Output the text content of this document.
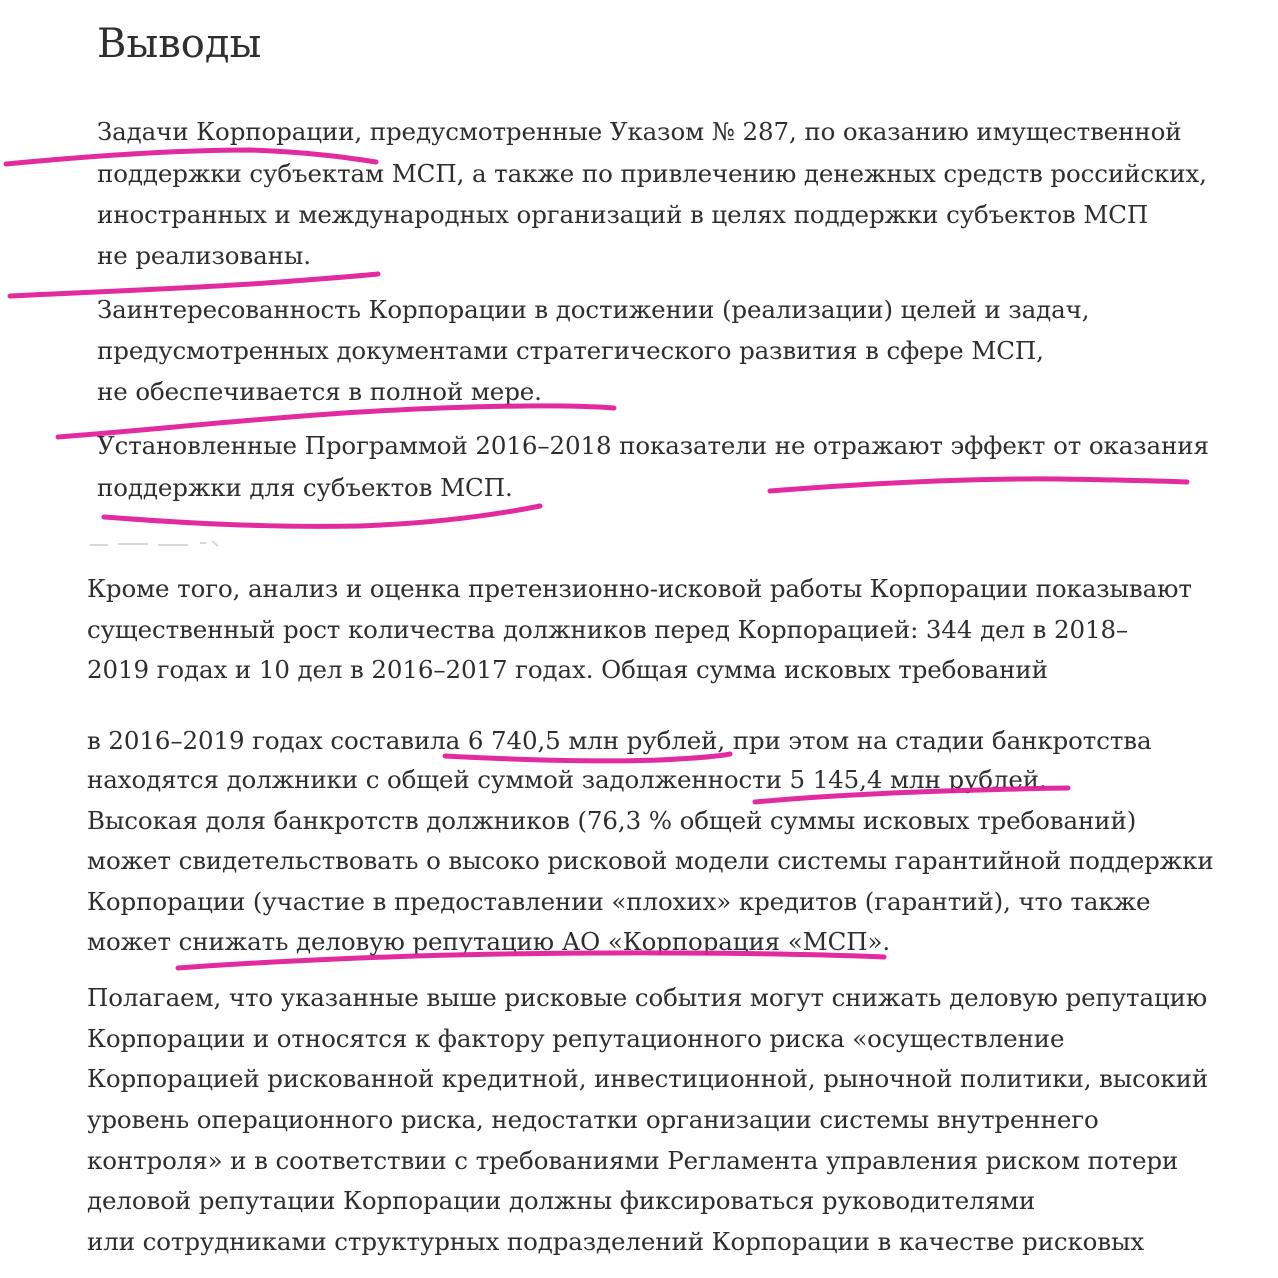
Выводы
Задачи Корпорации, предусмотренные Указом № 287, по оказанию имущественной
поддержки субъектам МСП, а также по привлечению денежных средств российских,
иностранных и международных организаций в целях поддержки субъектов МСП
не реализованы.
Заинтересованность Корпорации в достижении (реализации) целей и задач,
предусмотренных документами стратегического развития в сфере МСП,
не обеспечивается в полной мере.
Установленные Программой 2016–2018 показатели не отражают эффект от оказания
поддержки для субъектов МСП.
Кроме того, анализ и оценка претензионно-исковой работы Корпорации показывают
существенный рост количества должников перед Корпорацией: 344 дел в 2018–
2019 годах и 10 дел в 2016–2017 годах. Общая сумма исковых требований
в 2016–2019 годах составила 6 740,5 млн рублей, при этом на стадии банкротства
находятся должники с общей суммой задолженности 5 145,4 млн рублей.
Высокая доля банкротств должников (76,3 % общей суммы исковых требований)
может свидетельствовать о высоко рисковой модели системы гарантийной поддержки
Корпорации (участие в предоставлении «плохих» кредитов (гарантий), что также
может снижать деловую репутацию АО «Корпорация «МСП».
Полагаем, что указанные выше рисковые события могут снижать деловую репутацию
Корпорации и относятся к фактору репутационного риска «осуществление
Корпорацией рискованной кредитной, инвестиционной, рыночной политики, высокий
уровень операционного риска, недостатки организации системы внутреннего
контроля» и в соответствии с требованиями Регламента управления риском потери
деловой репутации Корпорации должны фиксироваться руководителями
или сотрудниками структурных подразделений Корпорации в качестве рисковых
